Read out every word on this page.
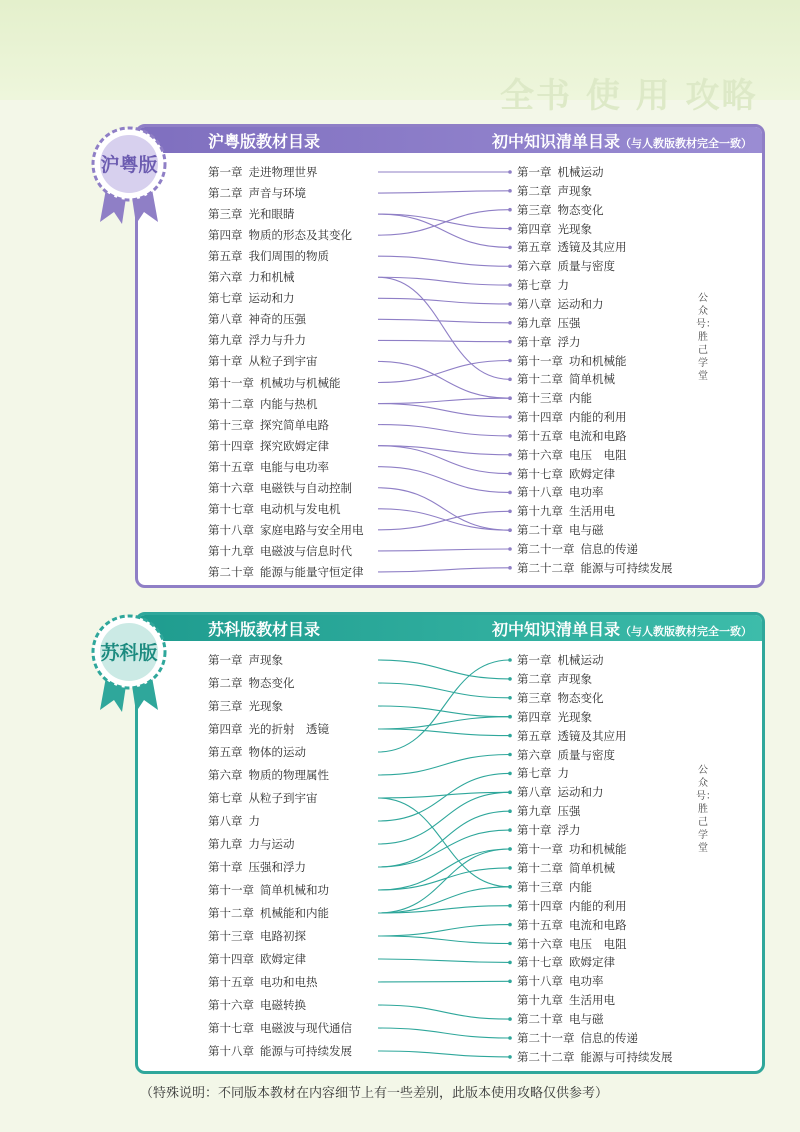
全书 使 用 攻略
沪粤版教材目录	初中知识清单目录（与人教版教材完全一致）
苏科版教材目录	初中知识清单目录（与人教版教材完全一致）
沪粤版
苏科版
第一章 走进物理世界
第二章 声音与环境
第三章 光和眼睛
第四章 物质的形态及其变化
第五章 我们周围的物质
第六章 力和机械
第七章 运动和力
第八章 神奇的压强
第九章 浮力与升力
第十章 从粒子到宇宙
第十一章 机械功与机械能
第十二章 内能与热机
第十三章 探究简单电路
第十四章 探究欧姆定律
第十五章 电能与电功率
第十六章 电磁铁与自动控制
第十七章 电动机与发电机
第十八章 家庭电路与安全用电
第十九章 电磁波与信息时代
第二十章 能源与能量守恒定律
第一章 机械运动
第二章 声现象
第三章 物态变化
第四章 光现象
第五章 透镜及其应用
第六章 质量与密度
第七章 力
第八章 运动和力
第九章 压强
第十章 浮力
第十一章 功和机械能
第十二章 简单机械
第十三章 内能
第十四章 内能的利用
第十五章 电流和电路
第十六章 电压　电阻
第十七章 欧姆定律
第十八章 电功率
第十九章 生活用电
第二十章 电与磁
第二十一章 信息的传递
第二十二章 能源与可持续发展
第一章 声现象
第二章 物态变化
第三章 光现象
第四章 光的折射　透镜
第五章 物体的运动
第六章 物质的物理属性
第七章 从粒子到宇宙
第八章 力
第九章 力与运动
第十章 压强和浮力
第十一章 简单机械和功
第十二章 机械能和内能
第十三章 电路初探
第十四章 欧姆定律
第十五章 电功和电热
第十六章 电磁转换
第十七章 电磁波与现代通信
第十八章 能源与可持续发展
第一章 机械运动
第二章 声现象
第三章 物态变化
第四章 光现象
第五章 透镜及其应用
第六章 质量与密度
第七章 力
第八章 运动和力
第九章 压强
第十章 浮力
第十一章 功和机械能
第十二章 简单机械
第十三章 内能
第十四章 内能的利用
第十五章 电流和电路
第十六章 电压　电阻
第十七章 欧姆定律
第十八章 电功率
第十九章 生活用电
第二十章 电与磁
第二十一章 信息的传递
第二十二章 能源与可持续发展
公众号：胜己学堂
公众号：胜己学堂
（特殊说明：不同版本教材在内容细节上有一些差别，此版本使用攻略仅供参考）
